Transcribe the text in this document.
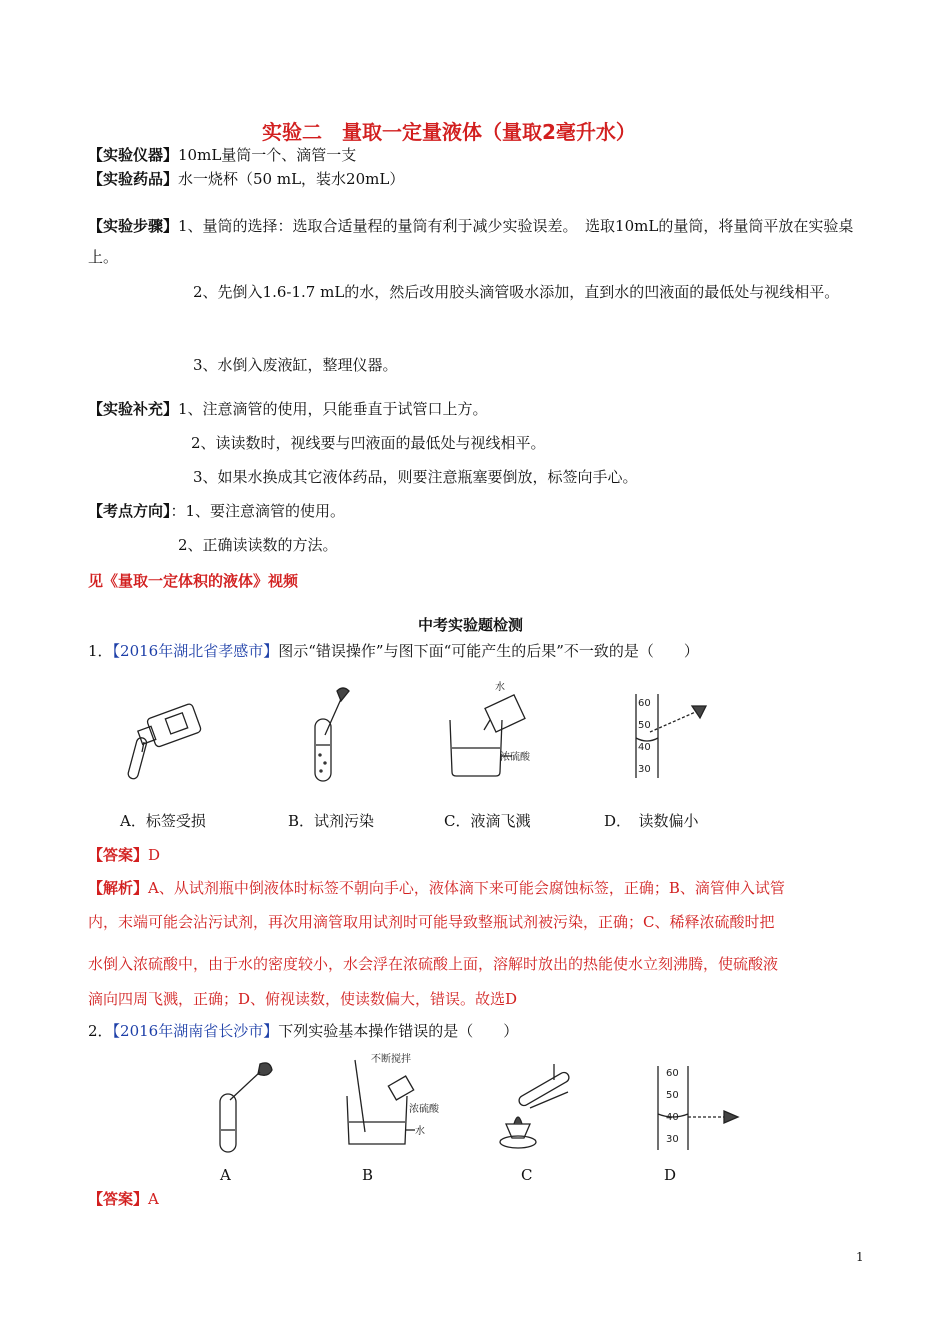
实验二　量取一定量液体（量取2毫升水）
【实验仪器】10mL量筒一个、滴管一支
【实验药品】水一烧杯（50 mL，装水20mL）
【实验步骤】1、量筒的选择：选取合适量程的量筒有利于减少实验误差。　选取10mL的量筒，将量筒平放在实验桌上。
2、先倒入1.6-1.7 mL的水，然后改用胶头滴管吸水添加，直到水的凹液面的最低处与视线相平。
3、水倒入废液缸，整理仪器。
【实验补充】1、注意滴管的使用，只能垂直于试管口上方。
2、读读数时，视线要与凹液面的最低处与视线相平。
3、如果水换成其它液体药品，则要注意瓶塞要倒放，标签向手心。
【考点方向】：1、要注意滴管的使用。
2、正确读读数的方法。
见《量取一定体积的液体》视频
中考实验题检测
1．【2016年湖北省孝感市】图示“错误操作”与图下面“可能产生的后果”不一致的是（　　）
水
浓硫酸
60
50
40
30
A．标签受损	B．试剂污染	C．液滴飞溅	D．　读数偏小
【答案】D
【解析】A、从试剂瓶中倒液体时标签不朝向手心，液体滴下来可能会腐蚀标签，正确；B、滴管伸入试管
内，末端可能会沾污试剂，再次用滴管取用试剂时可能导致整瓶试剂被污染，正确；C、稀释浓硫酸时把
水倒入浓硫酸中，由于水的密度较小，水会浮在浓硫酸上面，溶解时放出的热能使水立刻沸腾，使硫酸液
滴向四周飞溅，正确；D、俯视读数，使读数偏大，错误。故选D
2．【2016年湖南省长沙市】下列实验基本操作错误的是（　　）
不断搅拌
浓硫酸
水
60
50
40
30
A	B	C	D
【答案】A
1
